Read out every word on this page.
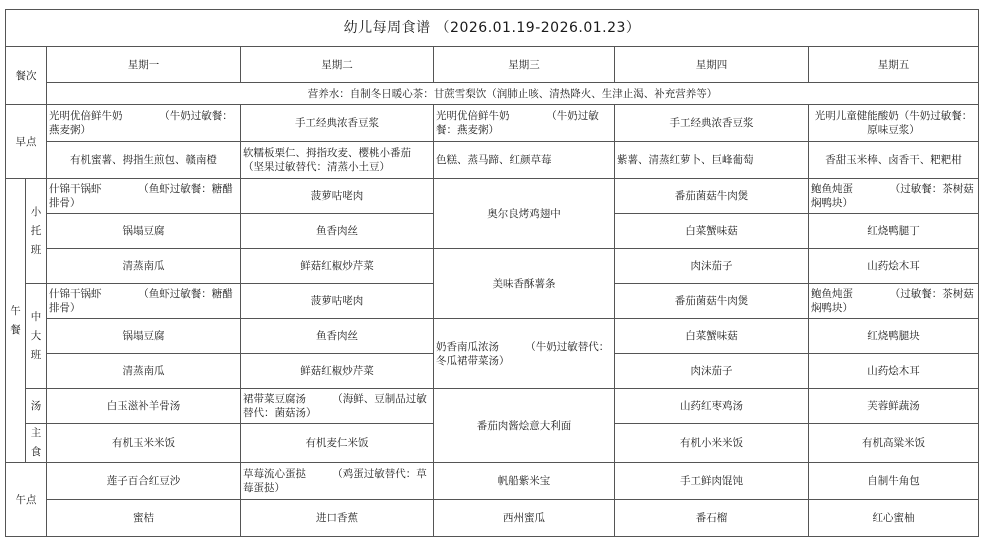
幼儿每周食谱 （2026.01.19-2026.01.23）						
餐次		星期一	星期二	星期三	星期四	星期五
		营养水：自制冬日暖心茶：甘蔗雪梨饮（润肺止咳、清热降火、生津止渴、补充营养等）				
早点		光明优倍鲜牛奶　　　　（牛奶过敏餐：燕麦粥）	手工经典浓香豆浆	光明优倍鲜牛奶　　　　（牛奶过敏餐：燕麦粥）	手工经典浓香豆浆	光明儿童健能酸奶（牛奶过敏餐：原味豆浆）
		有机蜜薯、拇指生煎包、赣南橙	软糯板栗仁、拇指玫麦、樱桃小番茄（坚果过敏替代：清蒸小土豆）	色糕、蒸马蹄、红颜草莓	紫薯、清蒸红萝卜、巨峰葡萄	香甜玉米棒、卤香干、粑粑柑
午餐	小托班	什锦干锅虾　　　　（鱼虾过敏餐：糖醋排骨）	菠萝咕咾肉	奥尔良烤鸡翅中	番茄菌菇牛肉煲	鲍鱼炖蛋　　　　（过敏餐：茶树菇焖鸭块）
		锅塌豆腐	鱼香肉丝		白菜蟹味菇	红烧鸭腿丁
		清蒸南瓜	鲜菇红椒炒芹菜	美味香酥薯条	肉沫茄子	山药烩木耳
	中大班	什锦干锅虾　　　　（鱼虾过敏餐：糖醋排骨）	菠萝咕咾肉		番茄菌菇牛肉煲	鲍鱼炖蛋　　　　（过敏餐：茶树菇焖鸭块）
		锅塌豆腐	鱼香肉丝	奶香南瓜浓汤　　　（牛奶过敏替代：冬瓜裙带菜汤）	白菜蟹味菇	红烧鸭腿块
		清蒸南瓜	鲜菇红椒炒芹菜		肉沫茄子	山药烩木耳
	汤	白玉滋补羊骨汤	裙带菜豆腐汤　　　（海鲜、豆制品过敏替代：菌菇汤）	番茄肉酱烩意大利面	山药红枣鸡汤	芙蓉鲜蔬汤
	主食	有机玉米米饭	有机麦仁米饭		有机小米米饭	有机高粱米饭
午点		莲子百合红豆沙	草莓流心蛋挞　　　（鸡蛋过敏替代：草莓蛋挞）	帆船紫米宝	手工鲜肉馄饨	自制牛角包
		蜜桔	进口香蕉	西州蜜瓜	番石榴	红心蜜柚
